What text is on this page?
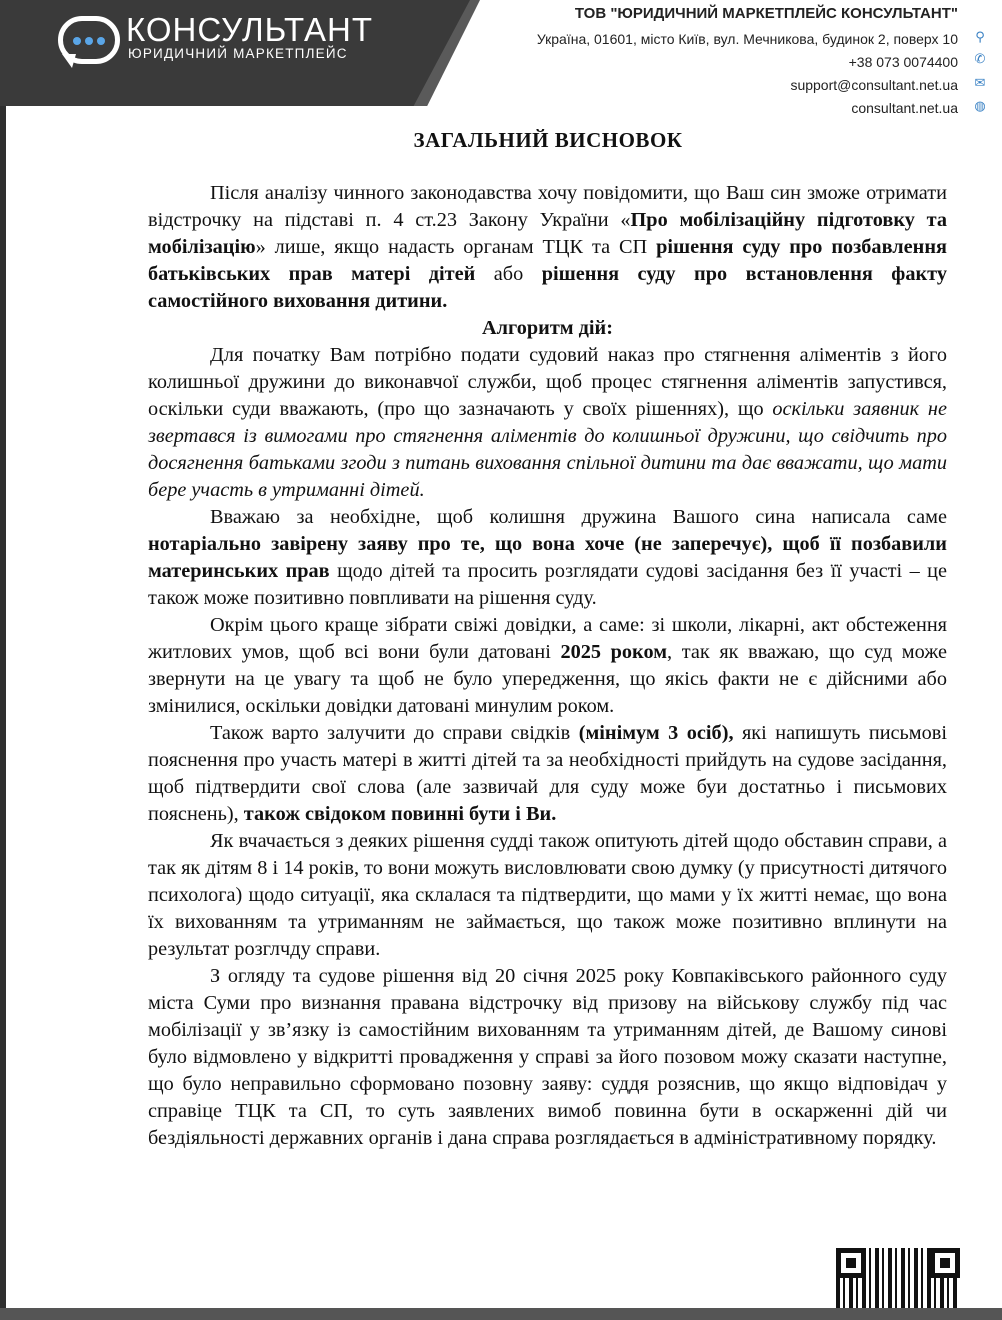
КОНСУЛЬТАНТ
ЮРИДИЧНИЙ МАРКЕТПЛЕЙС
ТОВ "ЮРИДИЧНИЙ МАРКЕТПЛЕЙС КОНСУЛЬТАНТ"
Україна, 01601, місто Київ, вул. Мечникова, будинок 2, поверх 10
+38 073 0074400
support@consultant.net.ua
consultant.net.ua
⚲
✆
✉
◍
ЗАГАЛЬНИЙ ВИСНОВОК

Після аналізу чинного законодавства хочу повідомити, що Ваш син зможе отримати відстрочку на підставі п. 4 ст.23 Закону України «Про мобілізаційну підготовку та мобілізацію» лише, якщо надасть органам ТЦК та СП рішення суду про позбавлення батьківських прав матері дітей або рішення суду про встановлення факту самостійного виховання дитини.

Алгоритм дій:

Для початку Вам потрібно подати судовий наказ про стягнення аліментів з його колишньої дружини до виконавчої служби, щоб процес стягнення аліментів запустився, оскільки суди вважають, (про що зазначають у своїх рішеннях), що оскільки заявник не звертався із вимогами про стягнення аліментів до колишньої дружини, що свідчить про досягнення батьками згоди з питань виховання спільної дитини та дає вважати, що мати бере участь в утриманні дітей.

Вважаю за необхідне, щоб колишня дружина Вашого сина написала саме нотаріально завірену заяву про те, що вона хоче (не заперечує), щоб її позбавили материнських прав щодо дітей та просить розглядати судові засідання без її участі – це також може позитивно повпливати на рішення суду.

Окрім цього краще зібрати свіжі довідки, а саме: зі школи, лікарні, акт обстеження житлових умов, щоб всі вони були датовані 2025 роком, так як вважаю, що суд може звернути на це увагу та щоб не було упередження, що якісь факти не є дійсними або змінилися, оскільки довідки датовані минулим роком.

Також варто залучити до справи свідків (мінімум 3 осіб), які напишуть письмові пояснення про участь матері в житті дітей та за необхідності прийдуть на судове засідання, щоб підтвердити свої слова (але зазвичай для суду може буи достатньо і письмових пояснень), також свідоком повинні бути і Ви.

Як вчачається з деяких рішення судді також опитують дітей щодо обставин справи, а так як дітям 8 і 14 років, то вони можуть висловлювати свою думку (у присутності дитячого психолога) щодо ситуації, яка склалася та підтвердити, що мами у їх житті немає, що вона їх вихованням та утриманням не займається, що також може позитивно вплинути на результат розглчду справи.

З огляду та судове рішення від 20 січня 2025 року Ковпаківського районного суду міста Суми про визнання правана відстрочку від призову на військову службу під час мобілізації у зв’язку із самостійним вихованням та утриманням дітей, де Вашому синові було відмовлено у відкритті провадження у справі за його позовом можу сказати наступне, що було неправильно сформовано позовну заяву: суддя розяснив, що якщо відповідач у справіце ТЦК та СП, то суть заявлених вимоб повинна бути в оскарженні дій чи бездіяльності державних органів і дана справа розглядається в адміністративному порядку.
